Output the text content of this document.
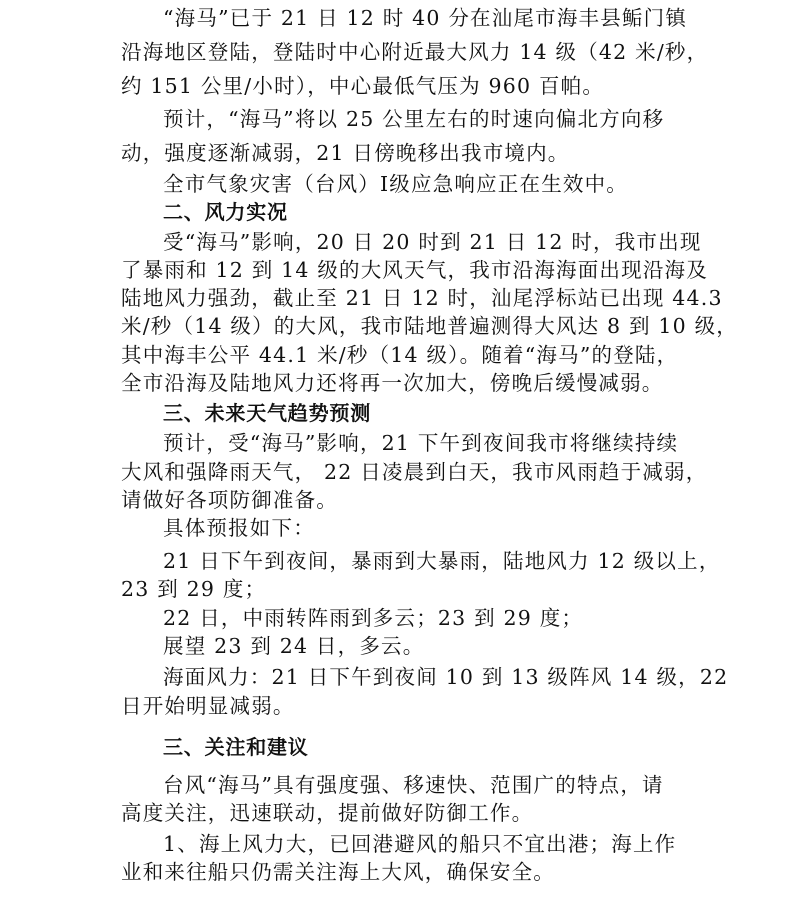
“海马”已于 21 日 12 时 40 分在汕尾市海丰县鲘门镇
沿海地区登陆，登陆时中心附近最大风力 14 级（42 米/秒，
约 151 公里/小时），中心最低气压为 960 百帕。
预计，“海马”将以 25 公里左右的时速向偏北方向移
动，强度逐渐减弱，21 日傍晚移出我市境内。
全市气象灾害（台风）Ⅰ级应急响应正在生效中。
二、风力实况
受“海马”影响，20 日 20 时到 21 日 12 时，我市出现
了暴雨和 12 到 14 级的大风天气，我市沿海海面出现沿海及
陆地风力强劲，截止至 21 日 12 时，汕尾浮标站已出现 44.3
米/秒（14 级）的大风，我市陆地普遍测得大风达 8 到 10 级，
其中海丰公平 44.1 米/秒（14 级）。随着“海马”的登陆，
全市沿海及陆地风力还将再一次加大，傍晚后缓慢减弱。
三、未来天气趋势预测
预计，受“海马”影响，21 下午到夜间我市将继续持续
大风和强降雨天气， 22 日凌晨到白天，我市风雨趋于减弱，
请做好各项防御准备。
具体预报如下：
21 日下午到夜间，暴雨到大暴雨，陆地风力 12 级以上，
23 到 29 度；
22 日，中雨转阵雨到多云；23 到 29 度；
展望 23 到 24 日，多云。
海面风力：21 日下午到夜间 10 到 13 级阵风 14 级，22
日开始明显减弱。
三、关注和建议
台风“海马”具有强度强、移速快、范围广的特点，请
高度关注，迅速联动，提前做好防御工作。
1、海上风力大，已回港避风的船只不宜出港；海上作
业和来往船只仍需关注海上大风，确保安全。
